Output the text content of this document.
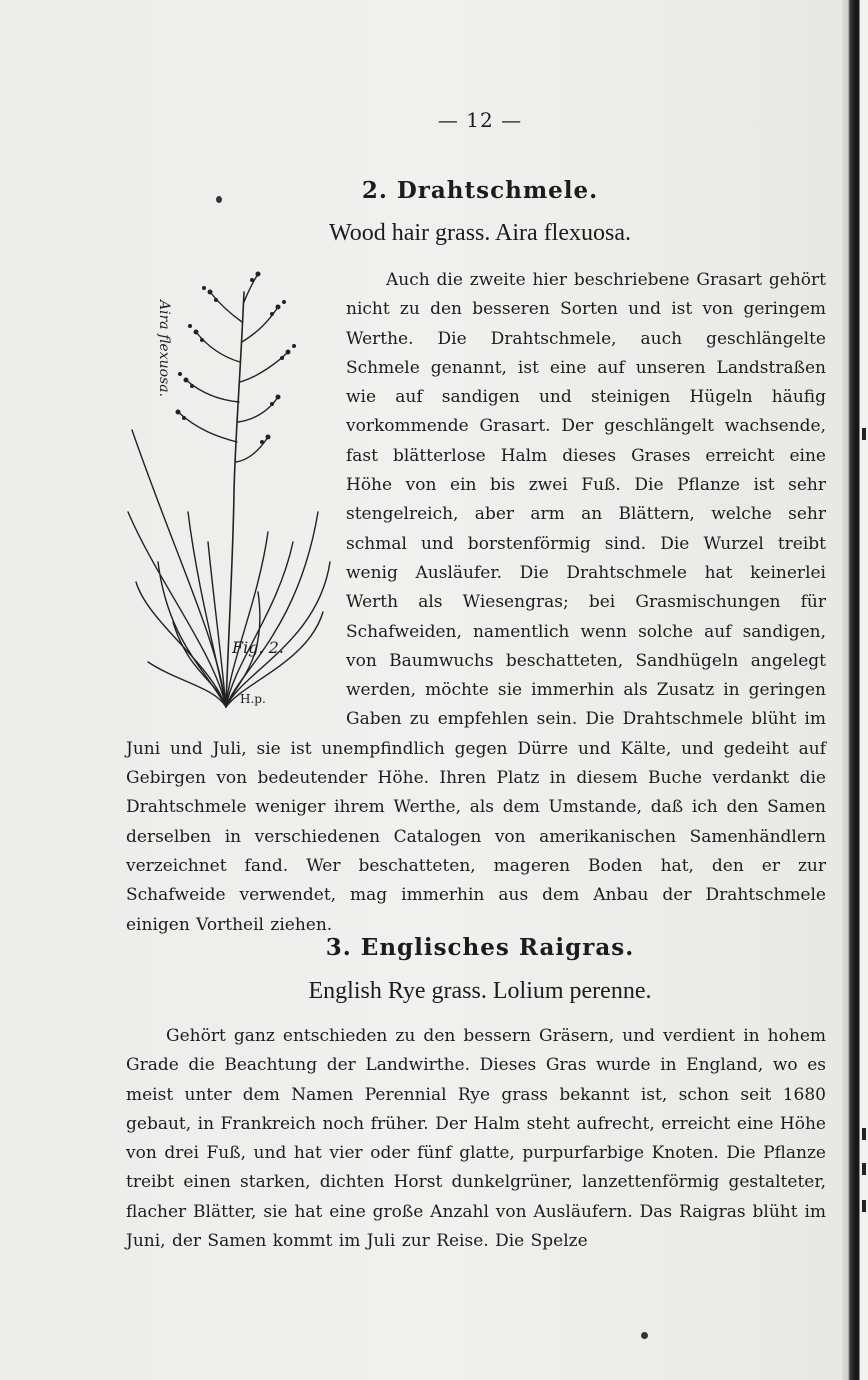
— 12 —
2. Drahtschmele.
Wood hair grass. Aira flexuosa.
Aira flexuosa.
Fig. 2.
H.p.
Auch die zweite hier beschriebene Grasart gehört nicht zu den besseren Sorten und ist von geringem Werthe. Die Drahtschmele, auch geschlängelte Schmele genannt, ist eine auf unseren Landstraßen wie auf sandigen und steinigen Hügeln häufig vorkommende Grasart. Der geschlängelt wachsende, fast blätterlose Halm dieses Grases erreicht eine Höhe von ein bis zwei Fuß. Die Pflanze ist sehr stengelreich, aber arm an Blättern, welche sehr schmal und borstenförmig sind. Die Wurzel treibt wenig Ausläufer. Die Drahtschmele hat keinerlei Werth als Wiesengras; bei Grasmischungen für Schafweiden, namentlich wenn solche auf sandigen, von Baumwuchs beschatteten, Sandhügeln angelegt werden, möchte sie immerhin als Zusatz in geringen Gaben zu empfehlen sein. Die Drahtschmele blüht im Juni und Juli, sie ist unempfindlich gegen Dürre und Kälte, und gedeiht auf Gebirgen von bedeutender Höhe. Ihren Platz in diesem Buche verdankt die Drahtschmele weniger ihrem Werthe, als dem Umstande, daß ich den Samen derselben in verschiedenen Catalogen von amerikanischen Samenhändlern verzeichnet fand. Wer beschatteten, mageren Boden hat, den er zur Schafweide verwendet, mag immerhin aus dem Anbau der Drahtschmele einigen Vortheil ziehen.
3. Englisches Raigras.
English Rye grass. Lolium perenne.
Gehört ganz entschieden zu den bessern Gräsern, und verdient in hohem Grade die Beachtung der Landwirthe. Dieses Gras wurde in England, wo es meist unter dem Namen Perennial Rye grass bekannt ist, schon seit 1680 gebaut, in Frankreich noch früher. Der Halm steht aufrecht, erreicht eine Höhe von drei Fuß, und hat vier oder fünf glatte, purpurfarbige Knoten. Die Pflanze treibt einen starken, dichten Horst dunkelgrüner, lanzettenförmig gestalteter, flacher Blätter, sie hat eine große Anzahl von Ausläufern. Das Raigras blüht im Juni, der Samen kommt im Juli zur Reise. Die Spelze
